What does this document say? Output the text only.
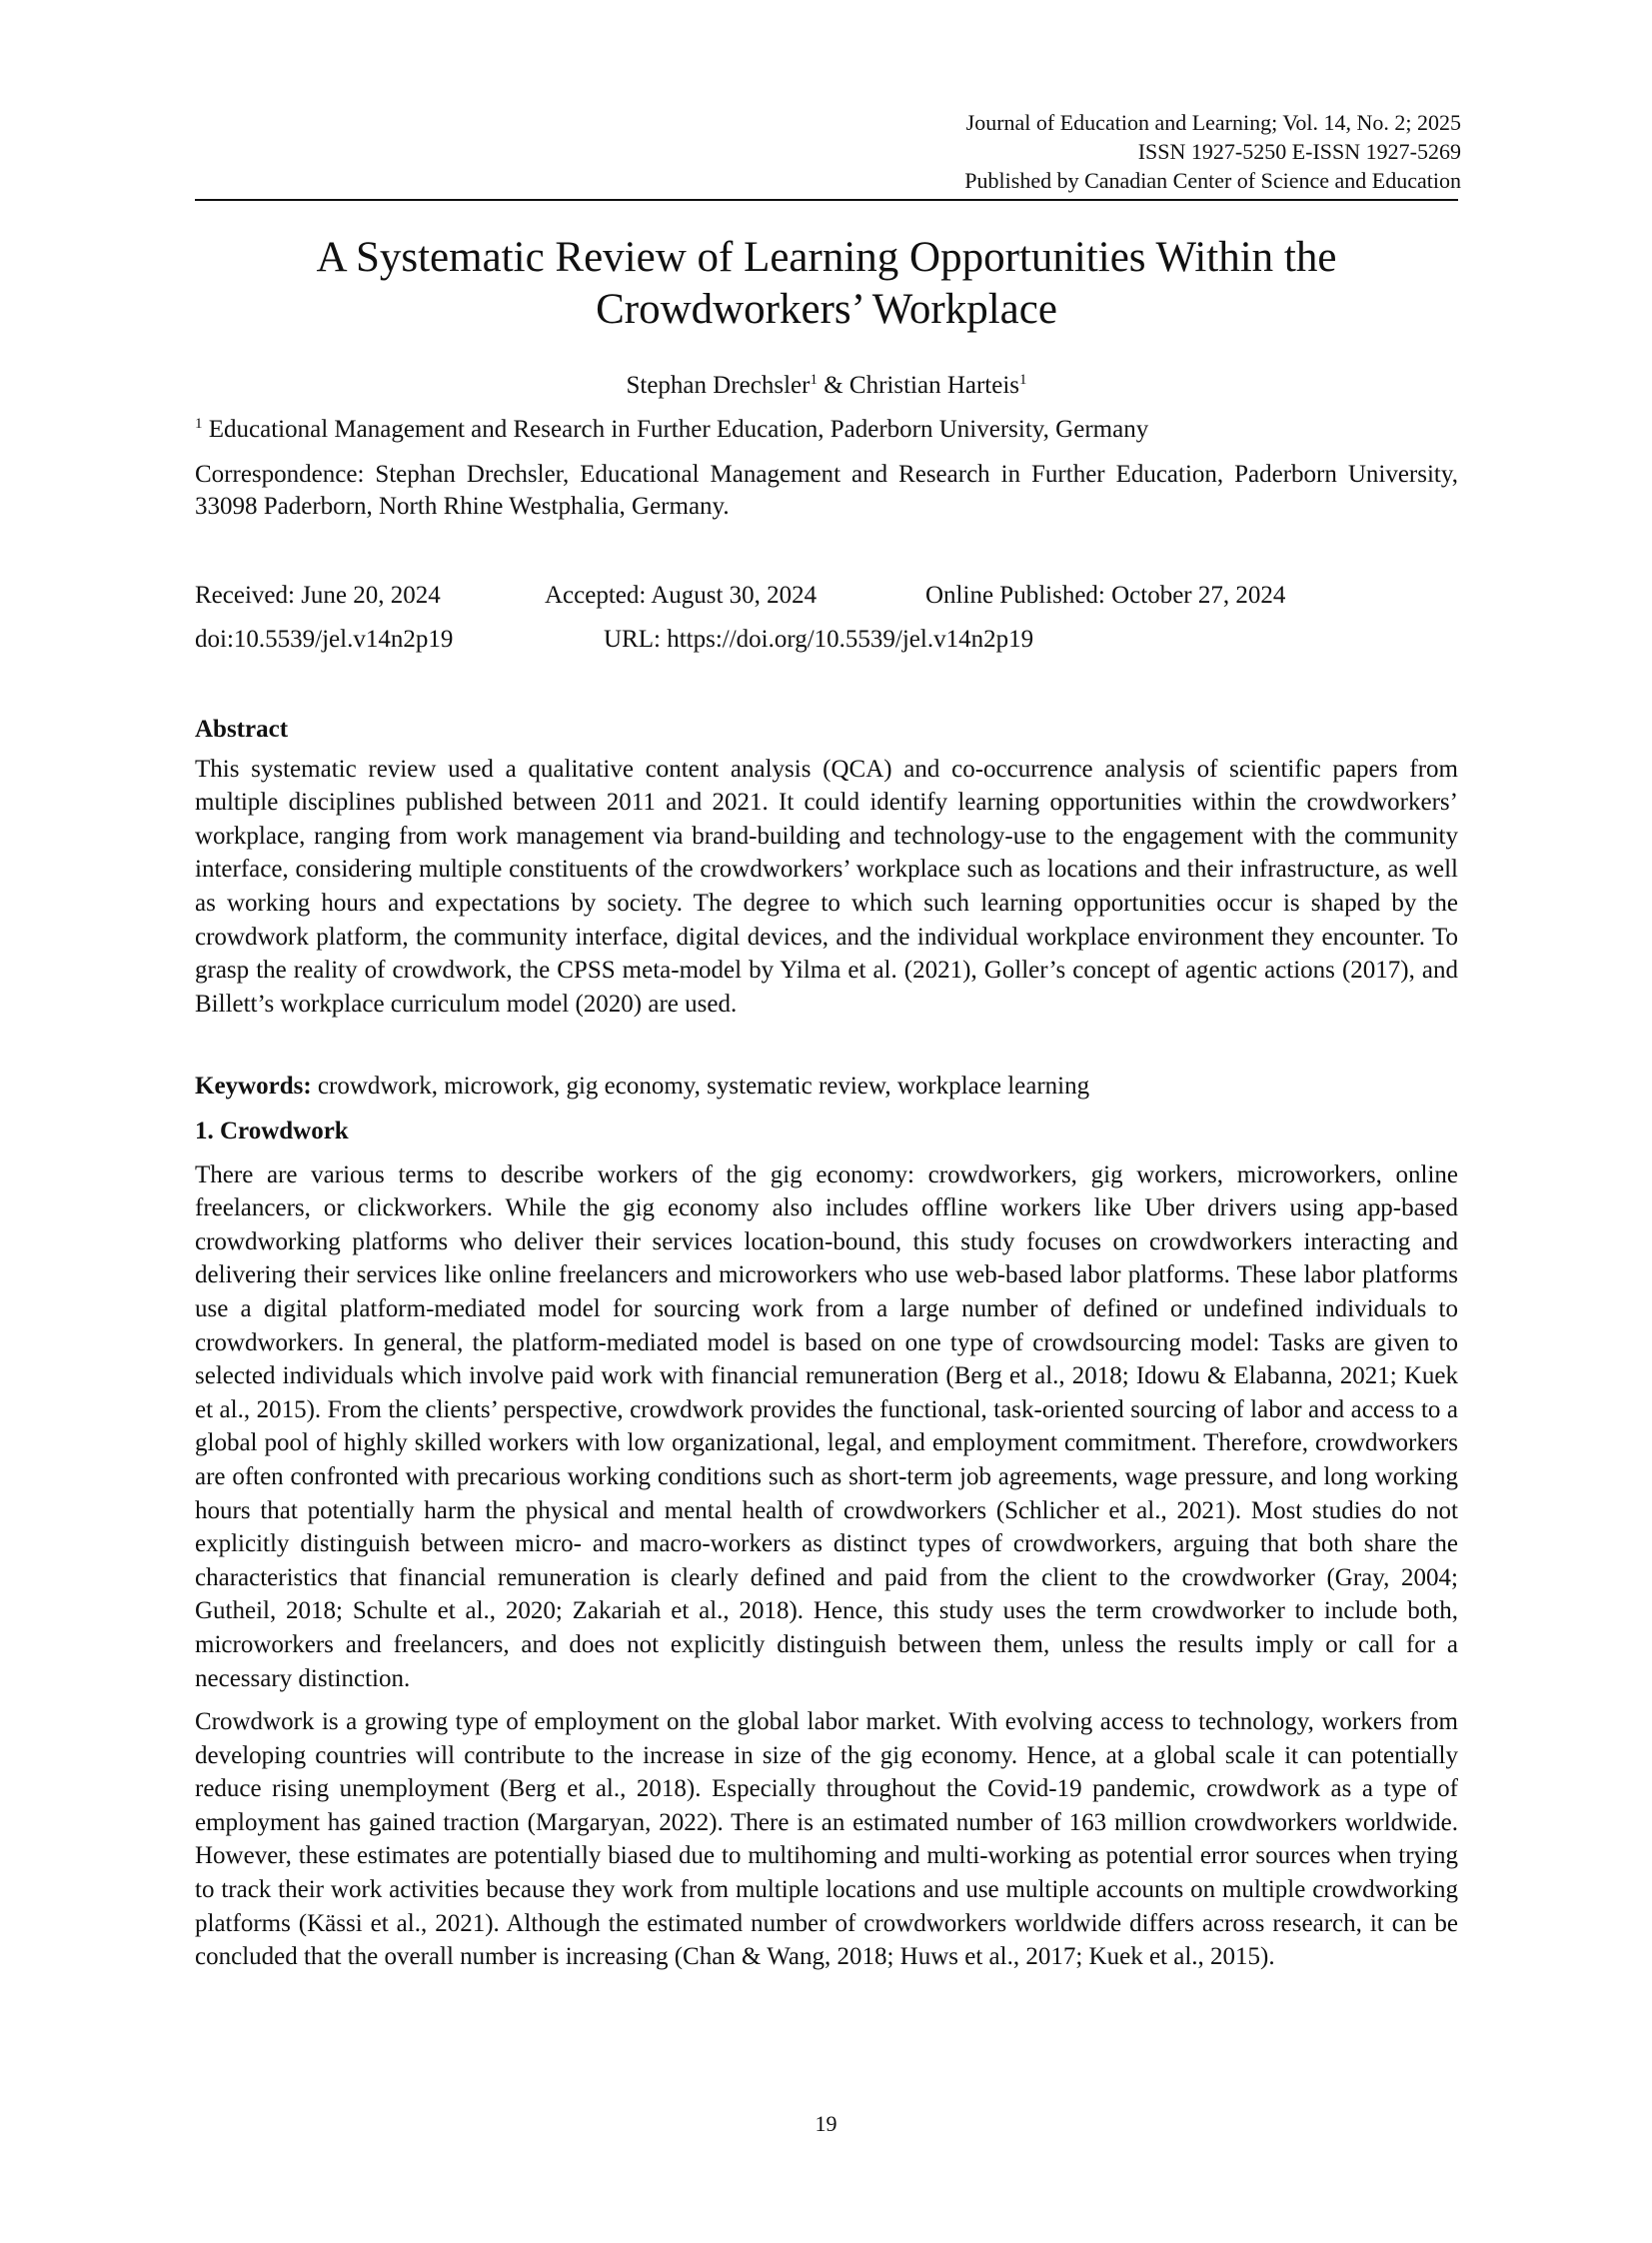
Journal of Education and Learning; Vol. 14, No. 2; 2025
ISSN 1927-5250 E-ISSN 1927-5269
Published by Canadian Center of Science and Education
A Systematic Review of Learning Opportunities Within the
Crowdworkers’ Workplace
Stephan Drechsler$^1$ & Christian Harteis$^1$
$^1$ Educational Management and Research in Further Education, Paderborn University, Germany
Correspondence: Stephan Drechsler, Educational Management and Research in Further Education, Paderborn University, 33098 Paderborn, North Rhine Westphalia, Germany.
Received: June 20, 2024	Accepted: August 30, 2024	Online Published: October 27, 2024
doi:10.5539/jel.v14n2p19	URL: https://doi.org/10.5539/jel.v14n2p19

Abstract

This systematic review used a qualitative content analysis (QCA) and co-occurrence analysis of scientific papers from multiple disciplines published between 2011 and 2021. It could identify learning opportunities within the crowdworkers’ workplace, ranging from work management via brand-building and technology-use to the engagement with the community interface, considering multiple constituents of the crowdworkers’ workplace such as locations and their infrastructure, as well as working hours and expectations by society. The degree to which such learning opportunities occur is shaped by the crowdwork platform, the community interface, digital devices, and the individual workplace environment they encounter. To grasp the reality of crowdwork, the CPSS meta-model by Yilma et al. (2021), Goller’s concept of agentic actions (2017), and Billett’s workplace curriculum model (2020) are used.

Keywords: crowdwork, microwork, gig economy, systematic review, workplace learning

1. Crowdwork

There are various terms to describe workers of the gig economy: crowdworkers, gig workers, microworkers, online freelancers, or clickworkers. While the gig economy also includes offline workers like Uber drivers using app-based crowdworking platforms who deliver their services location-bound, this study focuses on crowdworkers interacting and delivering their services like online freelancers and microworkers who use web-based labor platforms. These labor platforms use a digital platform-mediated model for sourcing work from a large number of defined or undefined individuals to crowdworkers. In general, the platform-mediated model is based on one type of crowdsourcing model: Tasks are given to selected individuals which involve paid work with financial remuneration (Berg et al., 2018; Idowu & Elabanna, 2021; Kuek et al., 2015). From the clients’ perspective, crowdwork provides the functional, task-oriented sourcing of labor and access to a global pool of highly skilled workers with low organizational, legal, and employment commitment. Therefore, crowdworkers are often confronted with precarious working conditions such as short-term job agreements, wage pressure, and long working hours that potentially harm the physical and mental health of crowdworkers (Schlicher et al., 2021). Most studies do not explicitly distinguish between micro- and macro-workers as distinct types of crowdworkers, arguing that both share the characteristics that financial remuneration is clearly defined and paid from the client to the crowdworker (Gray, 2004; Gutheil, 2018; Schulte et al., 2020; Zakariah et al., 2018). Hence, this study uses the term crowdworker to include both, microworkers and freelancers, and does not explicitly distinguish between them, unless the results imply or call for a necessary distinction.

Crowdwork is a growing type of employment on the global labor market. With evolving access to technology, workers from developing countries will contribute to the increase in size of the gig economy. Hence, at a global scale it can potentially reduce rising unemployment (Berg et al., 2018). Especially throughout the Covid-19 pandemic, crowdwork as a type of employment has gained traction (Margaryan, 2022). There is an estimated number of 163 million crowdworkers worldwide. However, these estimates are potentially biased due to multihoming and multi-working as potential error sources when trying to track their work activities because they work from multiple locations and use multiple accounts on multiple crowdworking platforms (Kässi et al., 2021). Although the estimated number of crowdworkers worldwide differs across research, it can be concluded that the overall number is increasing (Chan & Wang, 2018; Huws et al., 2017; Kuek et al., 2015).

19
